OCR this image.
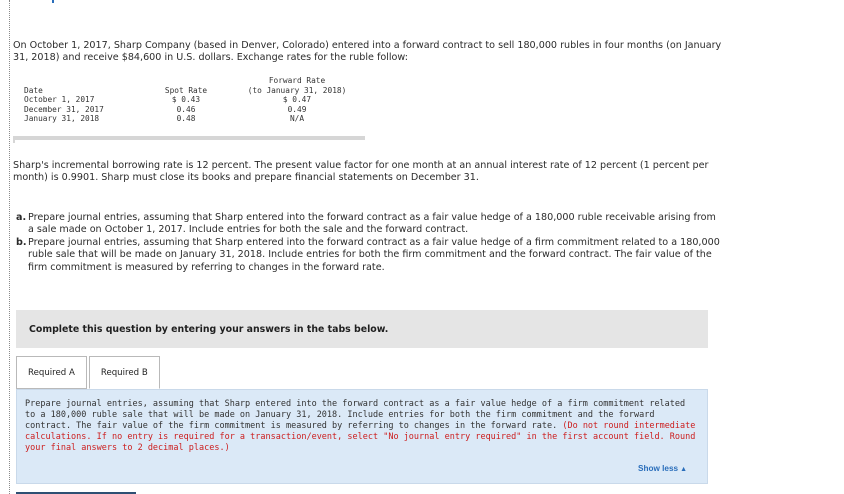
On October 1, 2017, Sharp Company (based in Denver, Colorado) entered into a forward contract to sell 180,000 rubles in four months (on January 31, 2018) and receive $84,600 in U.S. dollars. Exchange rates for the ruble follow:

Date
October 1, 2017
December 31, 2017
January 31, 2018

Spot Rate
$ 0.43
0.46
0.48
Forward Rate
(to January 31, 2018)
$ 0.47
0.49
N/A

Sharp's incremental borrowing rate is 12 percent. The present value factor for one month at an annual interest rate of 12 percent (1 percent per month) is 0.9901. Sharp must close its books and prepare financial statements on December 31.

a. Prepare journal entries, assuming that Sharp entered into the forward contract as a fair value hedge of a 180,000 ruble receivable arising from a sale made on October 1, 2017. Include entries for both the sale and the forward contract.
b. Prepare journal entries, assuming that Sharp entered into the forward contract as a fair value hedge of a firm commitment related to a 180,000 ruble sale that will be made on January 31, 2018. Include entries for both the firm commitment and the forward contract. The fair value of the firm commitment is measured by referring to changes in the forward rate.
Complete this question by entering your answers in the tabs below.
Required A	Required B

Prepare journal entries, assuming that Sharp entered into the forward contract as a fair value hedge of a firm commitment related to a 180,000 ruble sale that will be made on January 31, 2018. Include entries for both the firm commitment and the forward contract. The fair value of the firm commitment is measured by referring to changes in the forward rate. (Do not round intermediate calculations. If no entry is required for a transaction/event, select "No journal entry required" in the first account field. Round your final answers to 2 decimal places.)

Show less ▲
